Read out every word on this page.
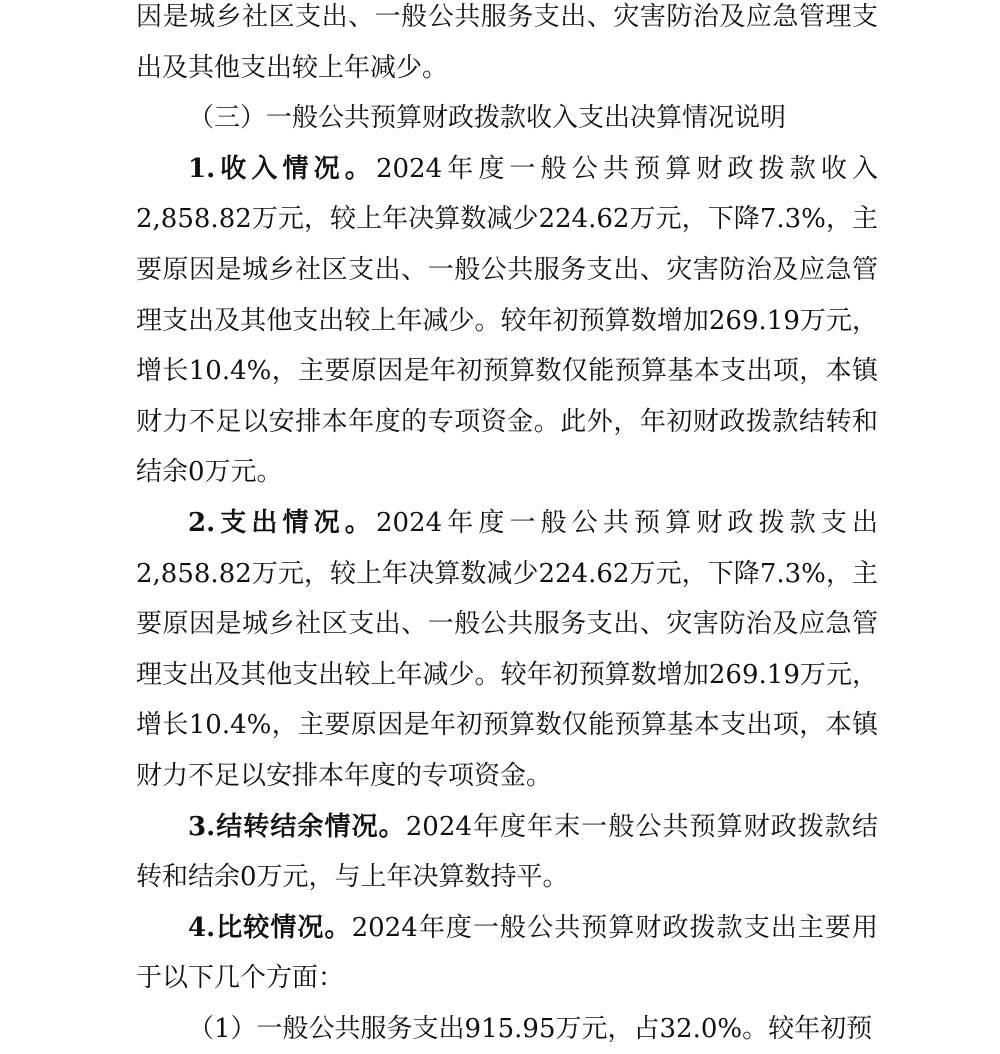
因是城乡社区支出、一般公共服务支出、灾害防治及应急管理支出及其他支出较上年减少。

（三）一般公共预算财政拨款收入支出决算情况说明

1.收入情况。2024年度一般公共预算财政拨款收入2,858.82万元，较上年决算数减少224.62万元，下降7.3%，主要原因是城乡社区支出、一般公共服务支出、灾害防治及应急管理支出及其他支出较上年减少。较年初预算数增加269.19万元，增长10.4%，主要原因是年初预算数仅能预算基本支出项，本镇财力不足以安排本年度的专项资金。此外，年初财政拨款结转和结余0万元。

2.支出情况。2024年度一般公共预算财政拨款支出2,858.82万元，较上年决算数减少224.62万元，下降7.3%，主要原因是城乡社区支出、一般公共服务支出、灾害防治及应急管理支出及其他支出较上年减少。较年初预算数增加269.19万元，增长10.4%，主要原因是年初预算数仅能预算基本支出项，本镇财力不足以安排本年度的专项资金。

3.结转结余情况。2024年度年末一般公共预算财政拨款结转和结余0万元，与上年决算数持平。

4.比较情况。2024年度一般公共预算财政拨款支出主要用于以下几个方面：

（1）一般公共服务支出915.95万元，占32.0%。较年初预
